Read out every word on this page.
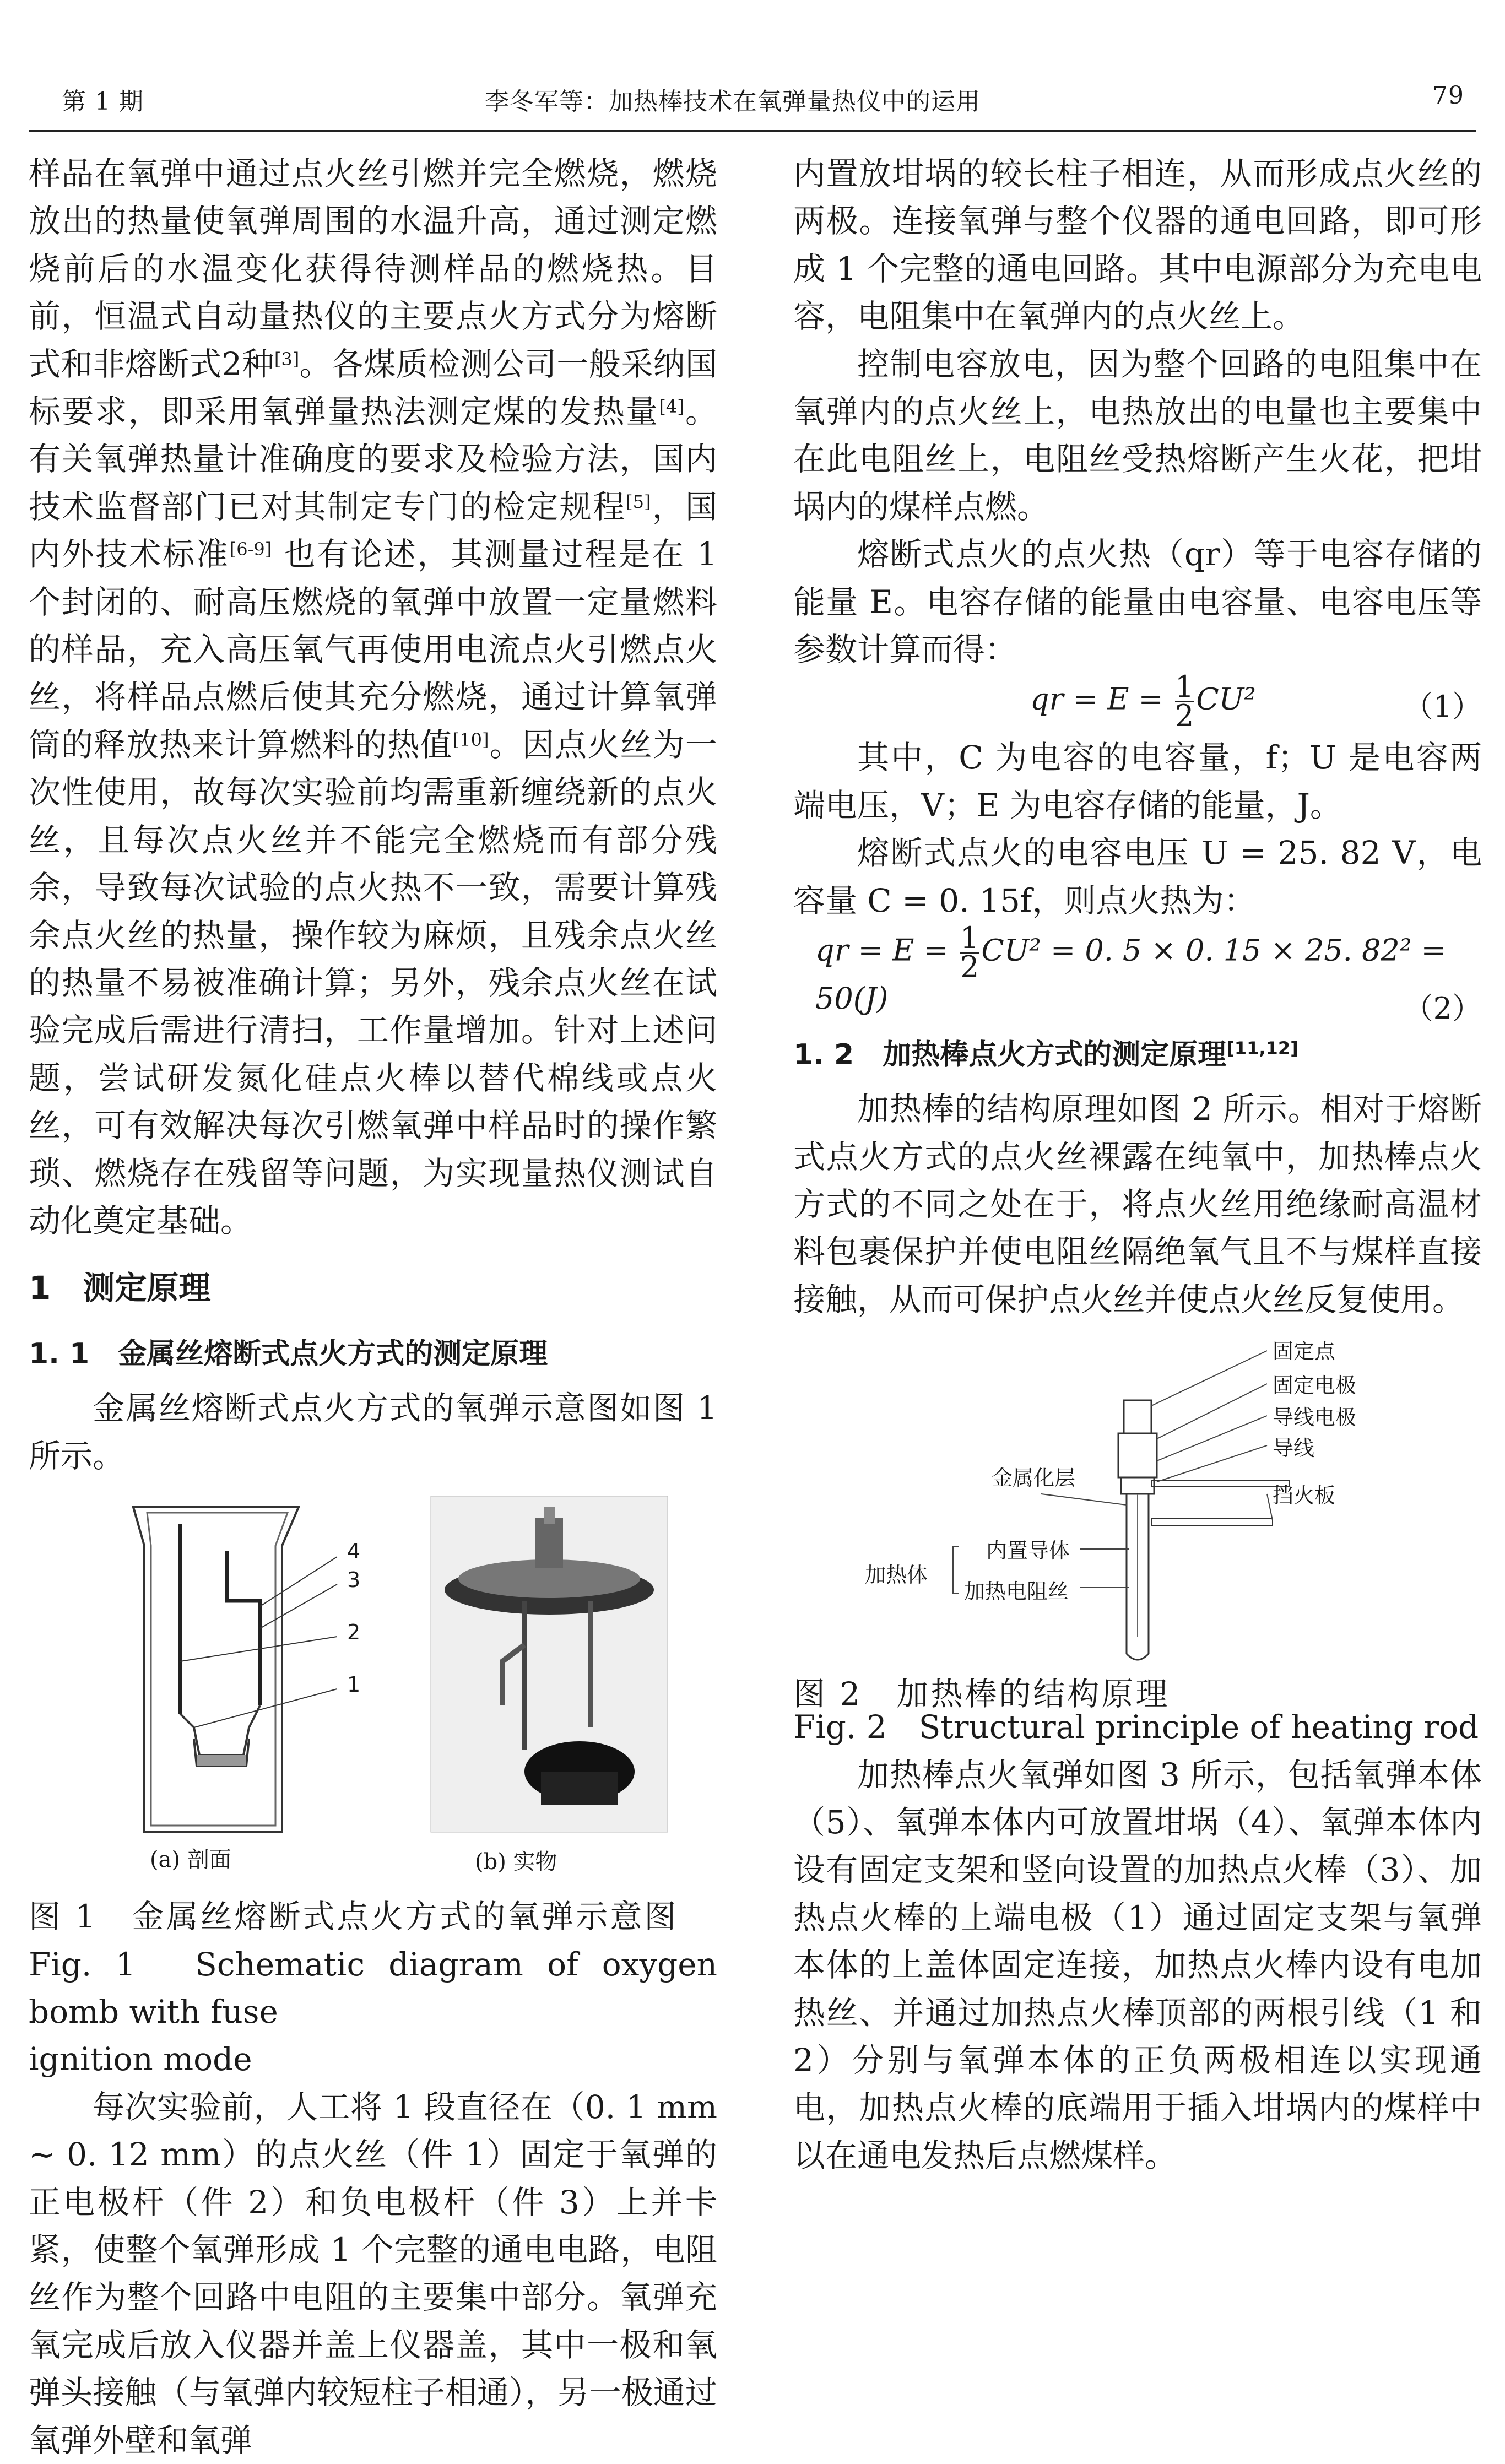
第 1 期	李冬军等：加热棒技术在氧弹量热仪中的运用	79

样品在氧弹中通过点火丝引燃并完全燃烧，燃烧放出的热量使氧弹周围的水温升高，通过测定燃烧前后的水温变化获得待测样品的燃烧热。目前，恒温式自动量热仪的主要点火方式分为熔断式和非熔断式2种[3]。各煤质检测公司一般采纳国标要求，即采用氧弹量热法测定煤的发热量[4]。有关氧弹热量计准确度的要求及检验方法，国内技术监督部门已对其制定专门的检定规程[5]，国内外技术标准[6-9] 也有论述，其测量过程是在 1 个封闭的、耐高压燃烧的氧弹中放置一定量燃料的样品，充入高压氧气再使用电流点火引燃点火丝，将样品点燃后使其充分燃烧，通过计算氧弹筒的释放热来计算燃料的热值[10]。因点火丝为一次性使用，故每次实验前均需重新缠绕新的点火丝，且每次点火丝并不能完全燃烧而有部分残余，导致每次试验的点火热不一致，需要计算残余点火丝的热量，操作较为麻烦，且残余点火丝的热量不易被准确计算；另外，残余点火丝在试验完成后需进行清扫，工作量增加。针对上述问题，尝试研发氮化硅点火棒以替代棉线或点火丝，可有效解决每次引燃氧弹中样品时的操作繁琐、燃烧存在残留等问题，为实现量热仪测试自动化奠定基础。

1　测定原理
1. 1　金属丝熔断式点火方式的测定原理

金属丝熔断式点火方式的氧弹示意图如图 1 所示。

4
3
2
1
(a) 剖面	(b) 实物

图 1　金属丝熔断式点火方式的氧弹示意图

Fig. 1　Schematic diagram of oxygen bomb with fuse

ignition mode

每次实验前，人工将 1 段直径在（0. 1 mm ~ 0. 12 mm）的点火丝（件 1）固定于氧弹的正电极杆（件 2）和负电极杆（件 3）上并卡紧，使整个氧弹形成 1 个完整的通电电路，电阻丝作为整个回路中电阻的主要集中部分。氧弹充氧完成后放入仪器并盖上仪器盖，其中一极和氧弹头接触（与氧弹内较短柱子相通），另一极通过氧弹外壁和氧弹

内置放坩埚的较长柱子相连，从而形成点火丝的两极。连接氧弹与整个仪器的通电回路，即可形成 1 个完整的通电回路。其中电源部分为充电电容，电阻集中在氧弹内的点火丝上。

控制电容放电，因为整个回路的电阻集中在氧弹内的点火丝上，电热放出的电量也主要集中在此电阻丝上，电阻丝受热熔断产生火花，把坩埚内的煤样点燃。

熔断式点火的点火热（qr）等于电容存储的能量 E。电容存储的能量由电容量、电容电压等参数计算而得：

qr = $E = \frac{1}{2} CU^2$	（1）

其中，C 为电容的电容量，f；U 是电容两端电压，V；E 为电容存储的能量，J。

熔断式点火的电容电压 U = 25. 82 V，电容量 C = 0. 15f，则点火热为：

qr = $E = \frac{1}{2} CU^2 = 0$. 5 × 0. 15 × 25. 82² = 50(J)	（2）
1. 2　加热棒点火方式的测定原理[11,12]

加热棒的结构原理如图 2 所示。相对于熔断式点火方式的点火丝裸露在纯氧中，加热棒点火方式的不同之处在于，将点火丝用绝缘耐高温材料包裹保护并使电阻丝隔绝氧气且不与煤样直接接触，从而可保护点火丝并使点火丝反复使用。

固定点
固定电极
导线电极
导线
金属化层
挡火板
内置导体
加热体
加热电阻丝

图 2　加热棒的结构原理

Fig. 2　Structural principle of heating rod

加热棒点火氧弹如图 3 所示，包括氧弹本体（5）、氧弹本体内可放置坩埚（4）、氧弹本体内设有固定支架和竖向设置的加热点火棒（3）、加热点火棒的上端电极（1）通过固定支架与氧弹本体的上盖体固定连接，加热点火棒内设有电加热丝、并通过加热点火棒顶部的两根引线（1 和 2）分别与氧弹本体的正负两极相连以实现通电，加热点火棒的底端用于插入坩埚内的煤样中以在通电发热后点燃煤样。
